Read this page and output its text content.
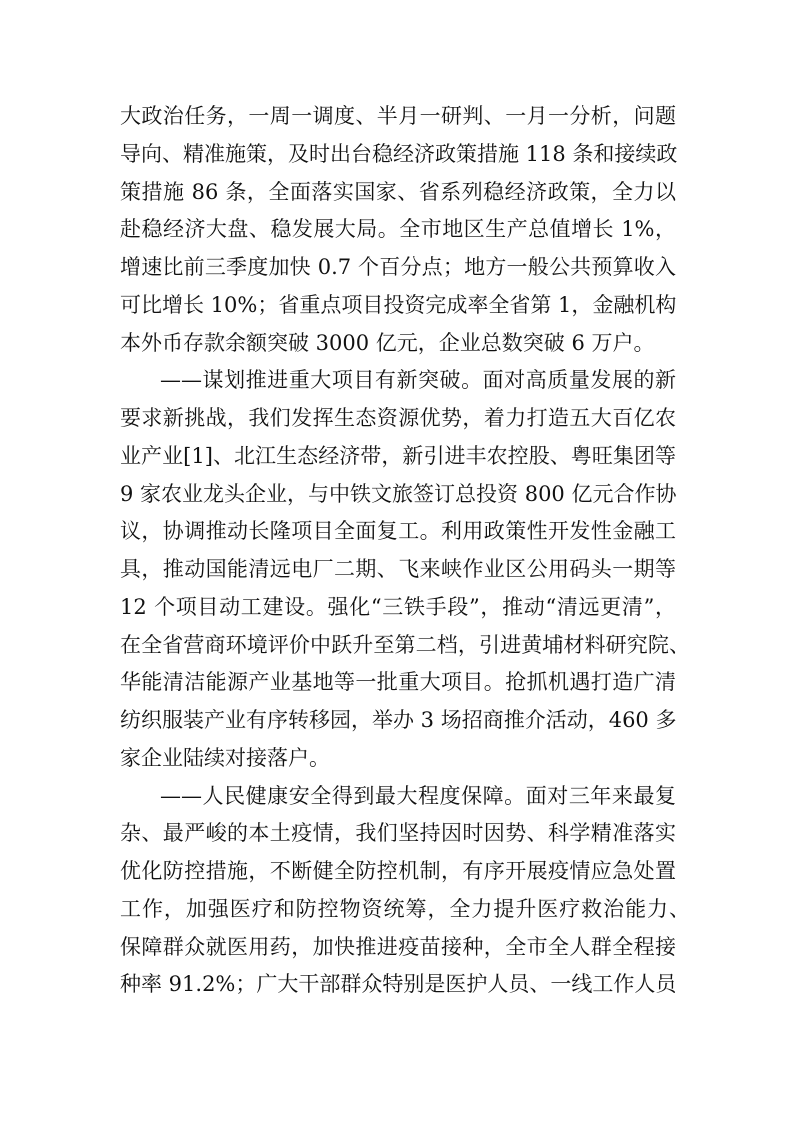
大政治任务，一周一调度、半月一研判、一月一分析，问题
导向、精准施策，及时出台稳经济政策措施 118 条和接续政
策措施 86 条，全面落实国家、省系列稳经济政策，全力以
赴稳经济大盘、稳发展大局。全市地区生产总值增长 1%，
增速比前三季度加快 0.7 个百分点；地方一般公共预算收入
可比增长 10%；省重点项目投资完成率全省第 1，金融机构
本外币存款余额突破 3000 亿元，企业总数突破 6 万户。
——谋划推进重大项目有新突破。面对高质量发展的新
要求新挑战，我们发挥生态资源优势，着力打造五大百亿农
业产业[1]、北江生态经济带，新引进丰农控股、粤旺集团等
9 家农业龙头企业，与中铁文旅签订总投资 800 亿元合作协
议，协调推动长隆项目全面复工。利用政策性开发性金融工
具，推动国能清远电厂二期、飞来峡作业区公用码头一期等
12 个项目动工建设。强化“三铁手段”，推动“清远更清”，
在全省营商环境评价中跃升至第二档，引进黄埔材料研究院、
华能清洁能源产业基地等一批重大项目。抢抓机遇打造广清
纺织服装产业有序转移园，举办 3 场招商推介活动，460 多
家企业陆续对接落户。
——人民健康安全得到最大程度保障。面对三年来最复
杂、最严峻的本土疫情，我们坚持因时因势、科学精准落实
优化防控措施，不断健全防控机制，有序开展疫情应急处置
工作，加强医疗和防控物资统筹，全力提升医疗救治能力、
保障群众就医用药，加快推进疫苗接种，全市全人群全程接
种率 91.2%；广大干部群众特别是医护人员、一线工作人员
